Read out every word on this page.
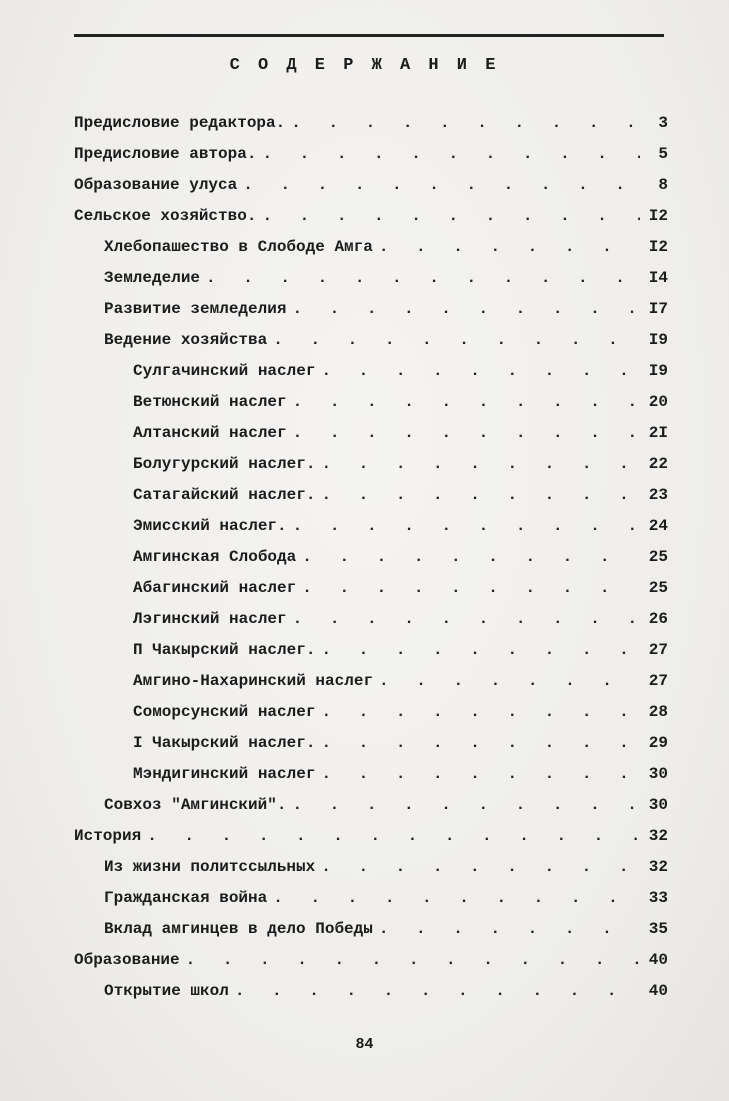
С О Д Е Р Ж А Н И Е
Предисловие редактора. . . .	3
Предисловие автора. . . .	5
Образование улуса . . .	8
Сельское хозяйство. . . .	I2
Хлебопашество в Слободе Амга . . .	I2
Земледелие . . .	I4
Развитие земледелия . . .	I7
Ведение хозяйства . . .	I9
Сулгачинский наслег . . .	I9
Ветюнский наслег . . .	20
Алтанский наслег . . .	2I
Болугурский наслег. . . .	22
Сатагайский наслег. . . .	23
Эмисский наслег. . . .	24
Амгинская Слобода . . .	25
Абагинский наслег . . .	25
Лэгинский наслег . . .	26
П Чакырский наслег. . . .	27
Амгино-Нахаринский наслег . . .	27
Соморсунский наслег . . .	28
I Чакырский наслег. . . .	29
Мэндигинский наслег . . .	30
Совхоз "Амгинский". . . .	30
История . . .	32
Из жизни политссыльных . . .	32
Гражданская война . . .	33
Вклад амгинцев в дело Победы . . .	35
Образование . . .	40
Открытие школ . . .	40
84
